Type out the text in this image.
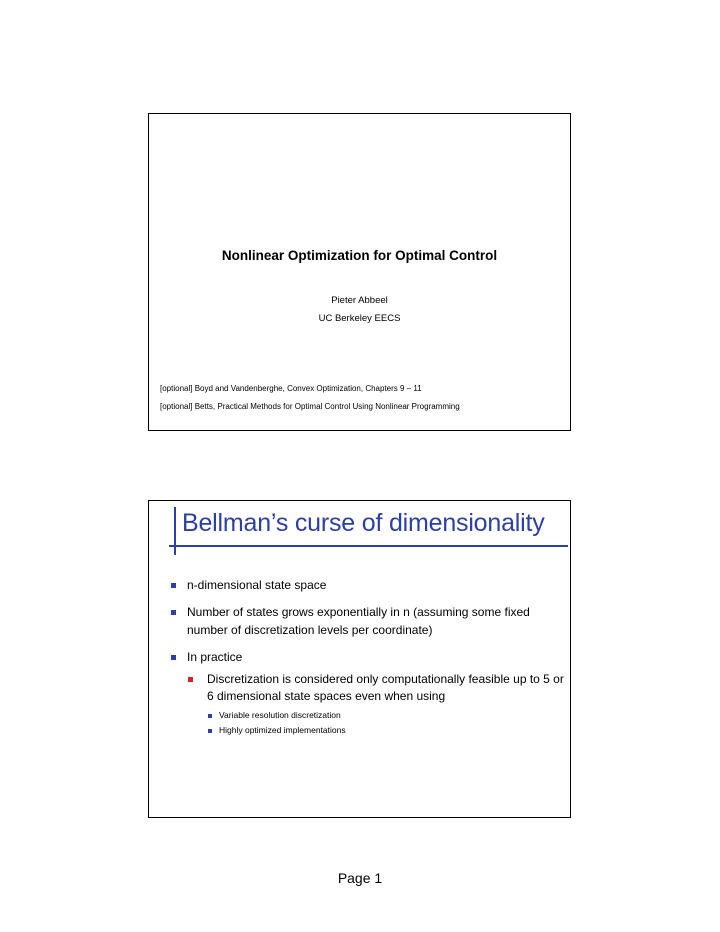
Nonlinear Optimization for Optimal Control
Pieter Abbeel
UC Berkeley EECS
[optional] Boyd and Vandenberghe, Convex Optimization, Chapters 9 – 11
[optional] Betts, Practical Methods for Optimal Control Using Nonlinear Programming
Bellman’s curse of dimensionality
n-dimensional state space
Number of states grows exponentially in n (assuming some fixed number of discretization levels per coordinate)
In practice
Discretization is considered only computationally feasible up to 5 or 6 dimensional state spaces even when using
Variable resolution discretization
Highly optimized implementations
Page 1
